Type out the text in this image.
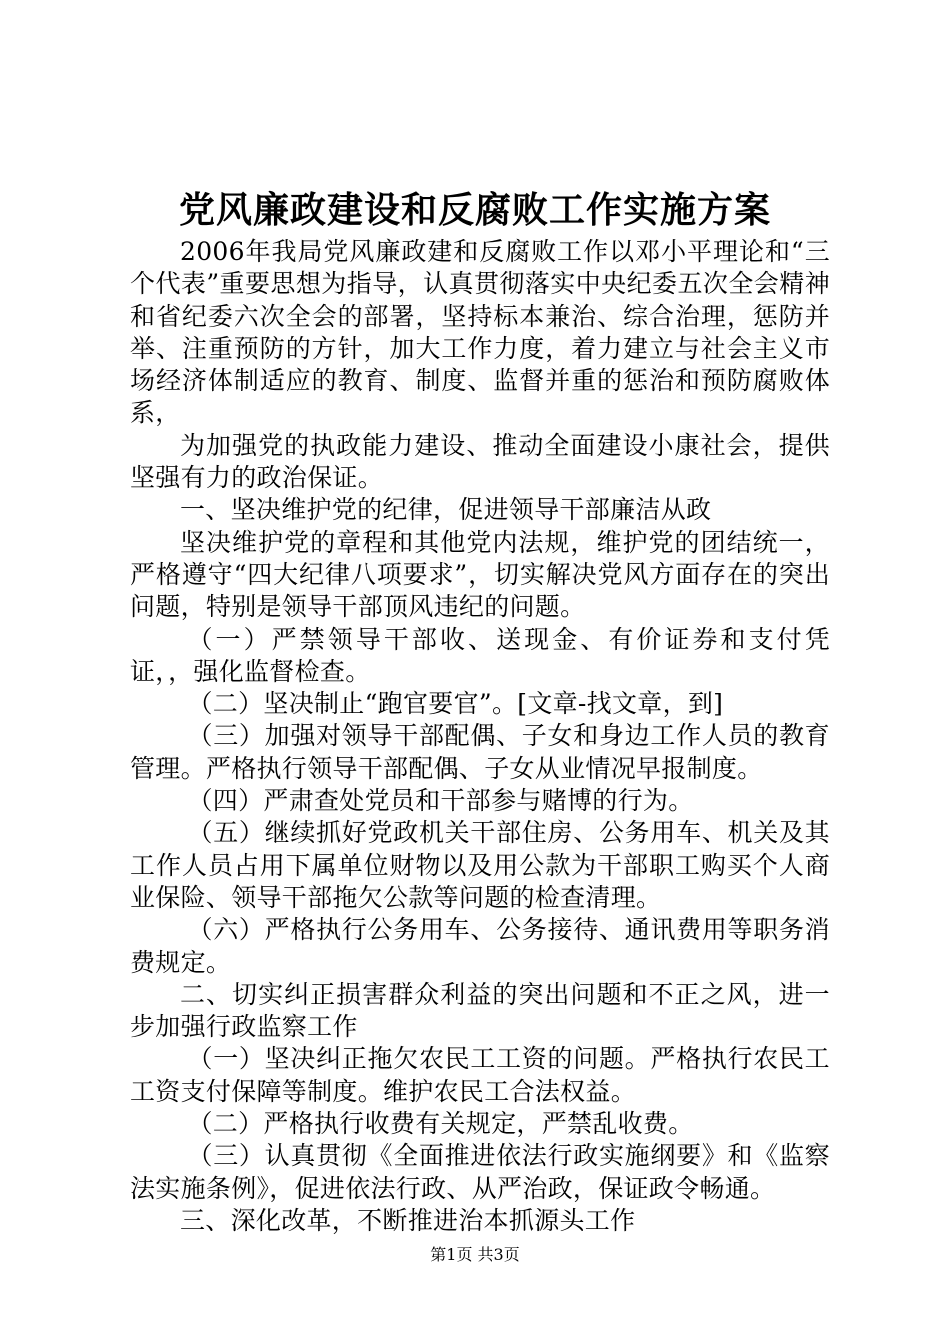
党风廉政建设和反腐败工作实施方案

2006年我局党风廉政建和反腐败工作以邓小平理论和“三个代表”重要思想为指导，认真贯彻落实中央纪委五次全会精神和省纪委六次全会的部署，坚持标本兼治、综合治理，惩防并举、注重预防的方针，加大工作力度，着力建立与社会主义市场经济体制适应的教育、制度、监督并重的惩治和预防腐败体系，

为加强党的执政能力建设、推动全面建设小康社会，提供坚强有力的政治保证。

一、坚决维护党的纪律，促进领导干部廉洁从政

坚决维护党的章程和其他党内法规，维护党的团结统一，严格遵守“四大纪律八项要求”，切实解决党风方面存在的突出问题，特别是领导干部顶风违纪的问题。

（一）严禁领导干部收、送现金、有价证券和支付凭证，，强化监督检查。

（二）坚决制止“跑官要官”。[文章-找文章，到]

（三）加强对领导干部配偶、子女和身边工作人员的教育管理。严格执行领导干部配偶、子女从业情况早报制度。

（四）严肃查处党员和干部参与赌博的行为。

（五）继续抓好党政机关干部住房、公务用车、机关及其工作人员占用下属单位财物以及用公款为干部职工购买个人商业保险、领导干部拖欠公款等问题的检查清理。

（六）严格执行公务用车、公务接待、通讯费用等职务消费规定。

二、切实纠正损害群众利益的突出问题和不正之风，进一步加强行政监察工作

（一）坚决纠正拖欠农民工工资的问题。严格执行农民工工资支付保障等制度。维护农民工合法权益。

（二）严格执行收费有关规定，严禁乱收费。

（三）认真贯彻《全面推进依法行政实施纲要》和《监察法实施条例》，促进依法行政、从严治政，保证政令畅通。

三、深化改革，不断推进治本抓源头工作

第1页 共3页
